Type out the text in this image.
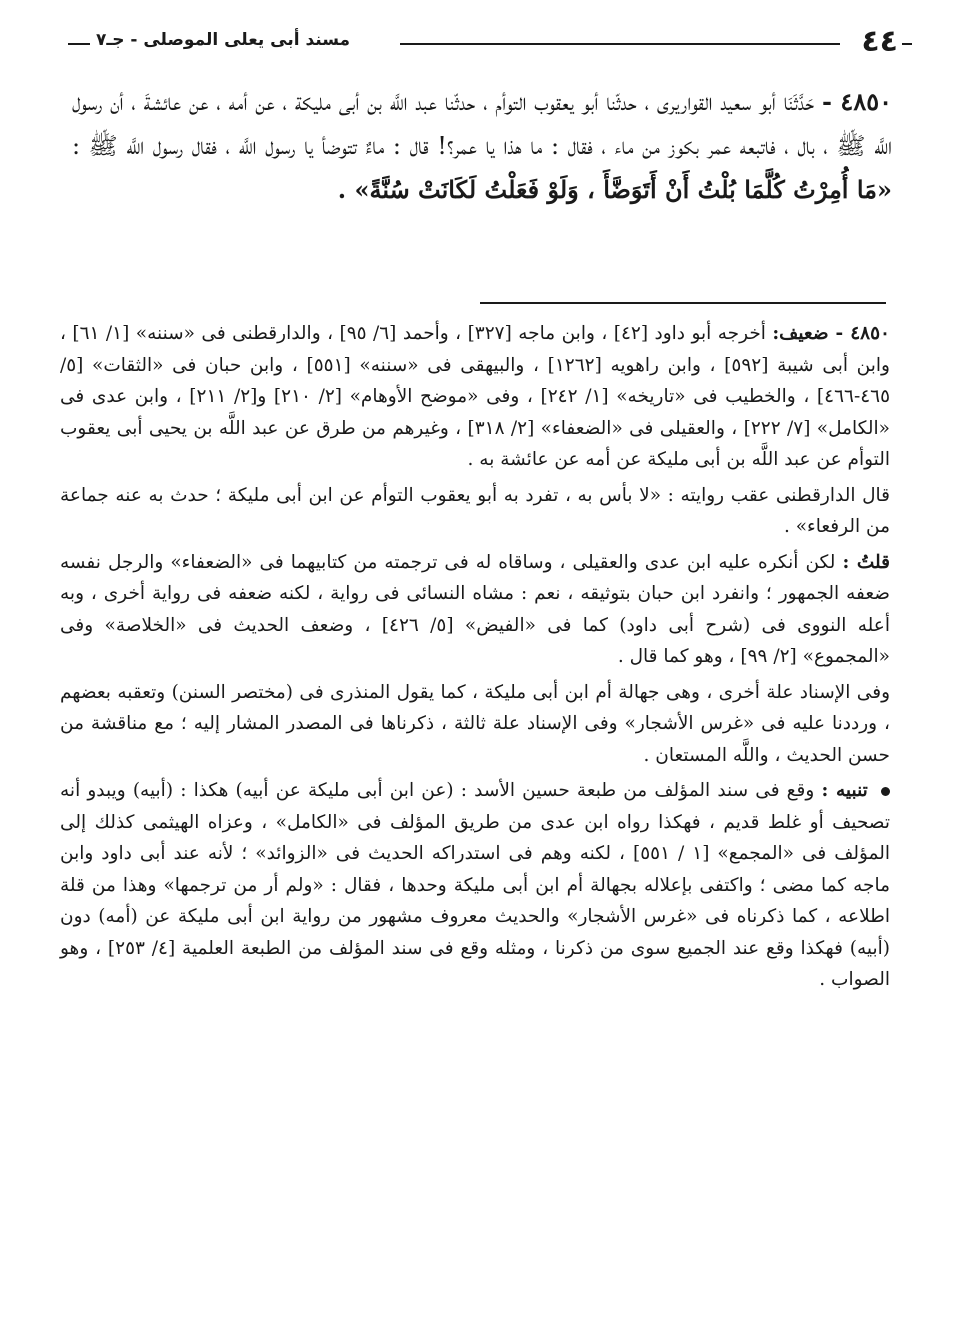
٤٤
مسند أبى يعلى الموصلى - جـ٧
٤٨٥٠ - حَدَّثَنَا أبو سعيد القواريرى ، حدثّنا أبو يعقوب التوأم ، حدثّنا عبد اللَّه بن أبى مليكة ، عن أمه ، عن عائشةَ ، أن رسول اللَّه ﷺ ، بال ، فاتبعه عمر بكوز من ماء ، فقال : ما هذا يا عمر؟! قال : ماءٌ تتوضأ يا رسول اللَّه ، فقال رسول اللَّه ﷺ : «مَا أُمِرْتُ كُلَّمَا بُلْتُ أَنْ أَتَوَضَّأَ ، وَلَوْ فَعَلْتُ لَكَانَتْ سُنَّةً» .

٤٨٥٠ - ضعيف: أخرجه أبو داود [٤٢] ، وابن ماجه [٣٢٧] ، وأحمد [٦/ ٩٥] ، والدارقطنى فى «سننه» [١/ ٦١] ، وابن أبى شيبة [٥٩٢] ، وابن راهويه [١٢٦٢] ، والبيهقى فى «سننه» [٥٥١] ، وابن حبان فى «الثقات» [٥/ ٤٦٥-٤٦٦] ، والخطيب فى «تاريخه» [١/ ٢٤٢] ، وفى «موضح الأوهام» [٢/ ٢١٠] و[٢/ ٢١١] ، وابن عدى فى «الكامل» [٧/ ٢٢٢] ، والعقيلى فى «الضعفاء» [٢/ ٣١٨] ، وغيرهم من طرق عن عبد اللَّه بن يحيى أبى يعقوب التوأم عن عبد اللَّه بن أبى مليكة عن أمه عن عائشة به .

قال الدارقطنى عقب روايته : «لا بأس به ، تفرد به أبو يعقوب التوأم عن ابن أبى مليكة ؛ حدث به عنه جماعة من الرفعاء» .

قلتُ : لكن أنكره عليه ابن عدى والعقيلى ، وساقاه له فى ترجمته من كتابيهما فى «الضعفاء» والرجل نفسه ضعفه الجمهور ؛ وانفرد ابن حبان بتوثيقه ، نعم : مشاه النسائى فى رواية ، لكنه ضعفه فى رواية أخرى ، وبه أعله النووى فى (شرح أبى داود) كما فى «الفيض» [٥/ ٤٢٦] ، وضعف الحديث فى «الخلاصة» وفى «المجموع» [٢/ ٩٩] ، وهو كما قال .

وفى الإسناد علة أخرى ، وهى جهالة أم ابن أبى مليكة ، كما يقول المنذرى فى (مختصر السنن) وتعقبه بعضهم ، ورددنا عليه فى «غرس الأشجار» وفى الإسناد علة ثالثة ، ذكرناها فى المصدر المشار إليه ؛ مع مناقشة من حسن الحديث ، واللَّه المستعان .

تنبيه : وقع فى سند المؤلف من طبعة حسين الأسد : (عن ابن أبى مليكة عن أبيه) هكذا : (أبيه) ويبدو أنه تصحيف أو غلط قديم ، فهكذا رواه ابن عدى من طريق المؤلف فى «الكامل» ، وعزاه الهيثمى كذلك إلى المؤلف فى «المجمع» [١ / ٥٥١] ، لكنه وهم فى استدراكه الحديث فى «الزوائد» ؛ لأنه عند أبى داود وابن ماجه كما مضى ؛ واكتفى بإعلاله بجهالة أم ابن أبى مليكة وحدها ، فقال : «ولم أر من ترجمها» وهذا من قلة اطلاعه ، كما ذكرناه فى «غرس الأشجار» والحديث معروف مشهور من رواية ابن أبى مليكة عن (أمه) دون (أبيه) فهكذا وقع عند الجميع سوى من ذكرنا ، ومثله وقع فى سند المؤلف من الطبعة العلمية [٤/ ٢٥٣] ، وهو الصواب .
